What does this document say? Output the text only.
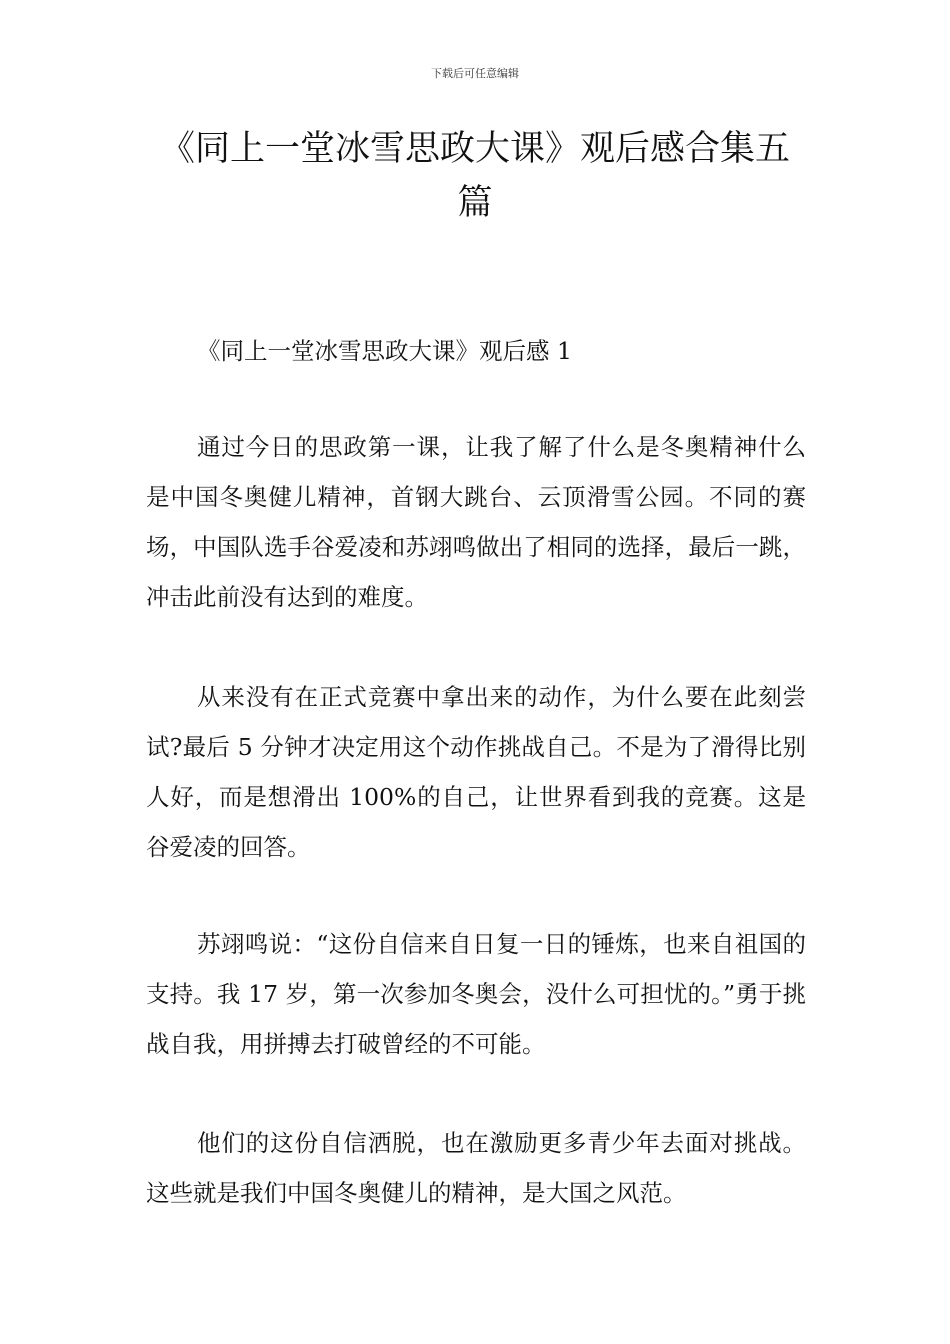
下载后可任意编辑
《同上一堂冰雪思政大课》观后感合集五篇

《同上一堂冰雪思政大课》观后感 1

通过今日的思政第一课，让我了解了什么是冬奥精神什么是中国冬奥健儿精神，首钢大跳台、云顶滑雪公园。不同的赛场，中国队选手谷爱凌和苏翊鸣做出了相同的选择，最后一跳，冲击此前没有达到的难度。

从来没有在正式竞赛中拿出来的动作，为什么要在此刻尝试?最后 5 分钟才决定用这个动作挑战自己。不是为了滑得比别人好，而是想滑出 100%的自己，让世界看到我的竞赛。这是谷爱凌的回答。

苏翊鸣说：“这份自信来自日复一日的锤炼，也来自祖国的支持。我 17 岁，第一次参加冬奥会，没什么可担忧的。”勇于挑战自我，用拼搏去打破曾经的不可能。

他们的这份自信洒脱，也在激励更多青少年去面对挑战。这些就是我们中国冬奥健儿的精神，是大国之风范。
